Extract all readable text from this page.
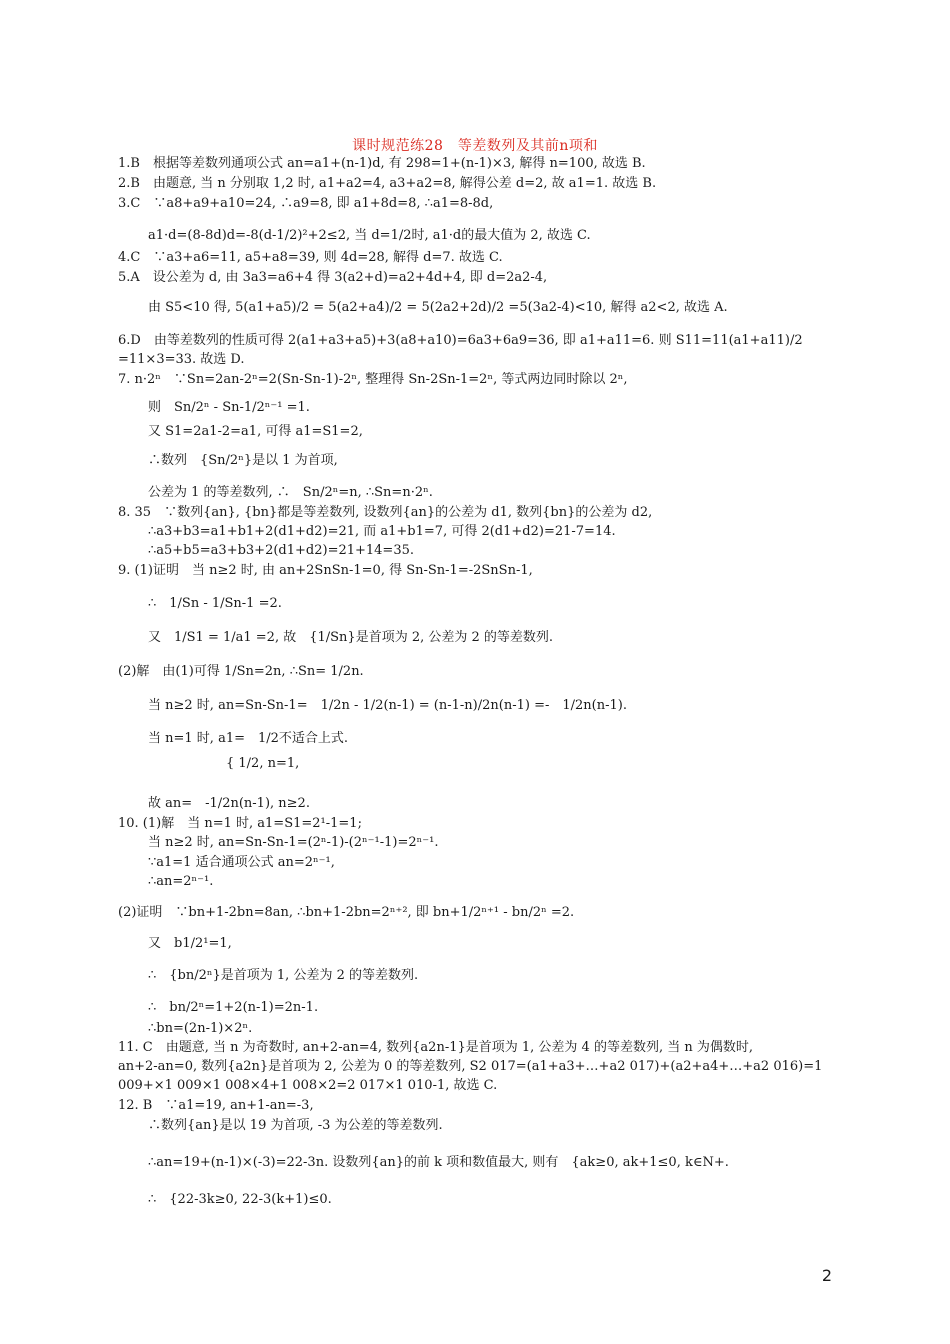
课时规范练28　等差数列及其前n项和
1.B　根据等差数列通项公式 an=a1+(n-1)d, 有 298=1+(n-1)×3, 解得 n=100, 故选 B.
2.B　由题意, 当 n 分别取 1,2 时, a1+a2=4, a3+a2=8, 解得公差 d=2, 故 a1=1. 故选 B.
3.C　∵a8+a9+a10=24, ∴a9=8, 即 a1+8d=8, ∴a1=8-8d,
a1·d=(8-8d)d=-8(d-1/2)²+2≤2, 当 d=1/2时, a1·d的最大值为 2, 故选 C.
4.C　∵a3+a6=11, a5+a8=39, 则 4d=28, 解得 d=7. 故选 C.
5.A　设公差为 d, 由 3a3=a6+4 得 3(a2+d)=a2+4d+4, 即 d=2a2-4,
由 S5<10 得, 5(a1+a5)/2 = 5(a2+a4)/2 = 5(2a2+2d)/2 =5(3a2-4)<10, 解得 a2<2, 故选 A.
6.D　由等差数列的性质可得 2(a1+a3+a5)+3(a8+a10)=6a3+6a9=36, 即 a1+a11=6. 则 S11=11(a1+a11)/2
=11×3=33. 故选 D.
7. n·2ⁿ　∵Sn=2an-2ⁿ=2(Sn-Sn-1)-2ⁿ, 整理得 Sn-2Sn-1=2ⁿ, 等式两边同时除以 2ⁿ,
则　Sn/2ⁿ - Sn-1/2ⁿ⁻¹ =1.
又 S1=2a1-2=a1, 可得 a1=S1=2,
∴数列　{Sn/2ⁿ}是以 1 为首项,
公差为 1 的等差数列, ∴　Sn/2ⁿ=n, ∴Sn=n·2ⁿ.
8. 35　∵数列{an}, {bn}都是等差数列, 设数列{an}的公差为 d1, 数列{bn}的公差为 d2,
∴a3+b3=a1+b1+2(d1+d2)=21, 而 a1+b1=7, 可得 2(d1+d2)=21-7=14.
∴a5+b5=a3+b3+2(d1+d2)=21+14=35.
9. (1)证明　当 n≥2 时, 由 an+2SnSn-1=0, 得 Sn-Sn-1=-2SnSn-1,
∴　1/Sn - 1/Sn-1 =2.
又　1/S1 = 1/a1 =2, 故　{1/Sn}是首项为 2, 公差为 2 的等差数列.
(2)解　由(1)可得 1/Sn=2n, ∴Sn= 1/2n.
当 n≥2 时, an=Sn-Sn-1=　1/2n - 1/2(n-1) = (n-1-n)/2n(n-1) =-　1/2n(n-1).
当 n=1 时, a1=　1/2不适合上式.
{ 1/2, n=1,
故 an=　-1/2n(n-1), n≥2.
10. (1)解　当 n=1 时, a1=S1=2¹-1=1;
当 n≥2 时, an=Sn-Sn-1=(2ⁿ-1)-(2ⁿ⁻¹-1)=2ⁿ⁻¹.
∵a1=1 适合通项公式 an=2ⁿ⁻¹,
∴an=2ⁿ⁻¹.
(2)证明　∵bn+1-2bn=8an, ∴bn+1-2bn=2ⁿ⁺², 即 bn+1/2ⁿ⁺¹ - bn/2ⁿ =2.
又　b1/2¹=1,
∴　{bn/2ⁿ}是首项为 1, 公差为 2 的等差数列.
∴　bn/2ⁿ=1+2(n-1)=2n-1.
∴bn=(2n-1)×2ⁿ.
11. C　由题意, 当 n 为奇数时, an+2-an=4, 数列{a2n-1}是首项为 1, 公差为 4 的等差数列, 当 n 为偶数时,
an+2-an=0, 数列{a2n}是首项为 2, 公差为 0 的等差数列, S2 017=(a1+a3+…+a2 017)+(a2+a4+…+a2 016)=1
009+×1 009×1 008×4+1 008×2=2 017×1 010-1, 故选 C.
12. B　∵a1=19, an+1-an=-3,
∴数列{an}是以 19 为首项, -3 为公差的等差数列.
∴an=19+(n-1)×(-3)=22-3n. 设数列{an}的前 k 项和数值最大, 则有　{ak≥0, ak+1≤0, k∈N+.
∴　{22-3k≥0, 22-3(k+1)≤0.
2
